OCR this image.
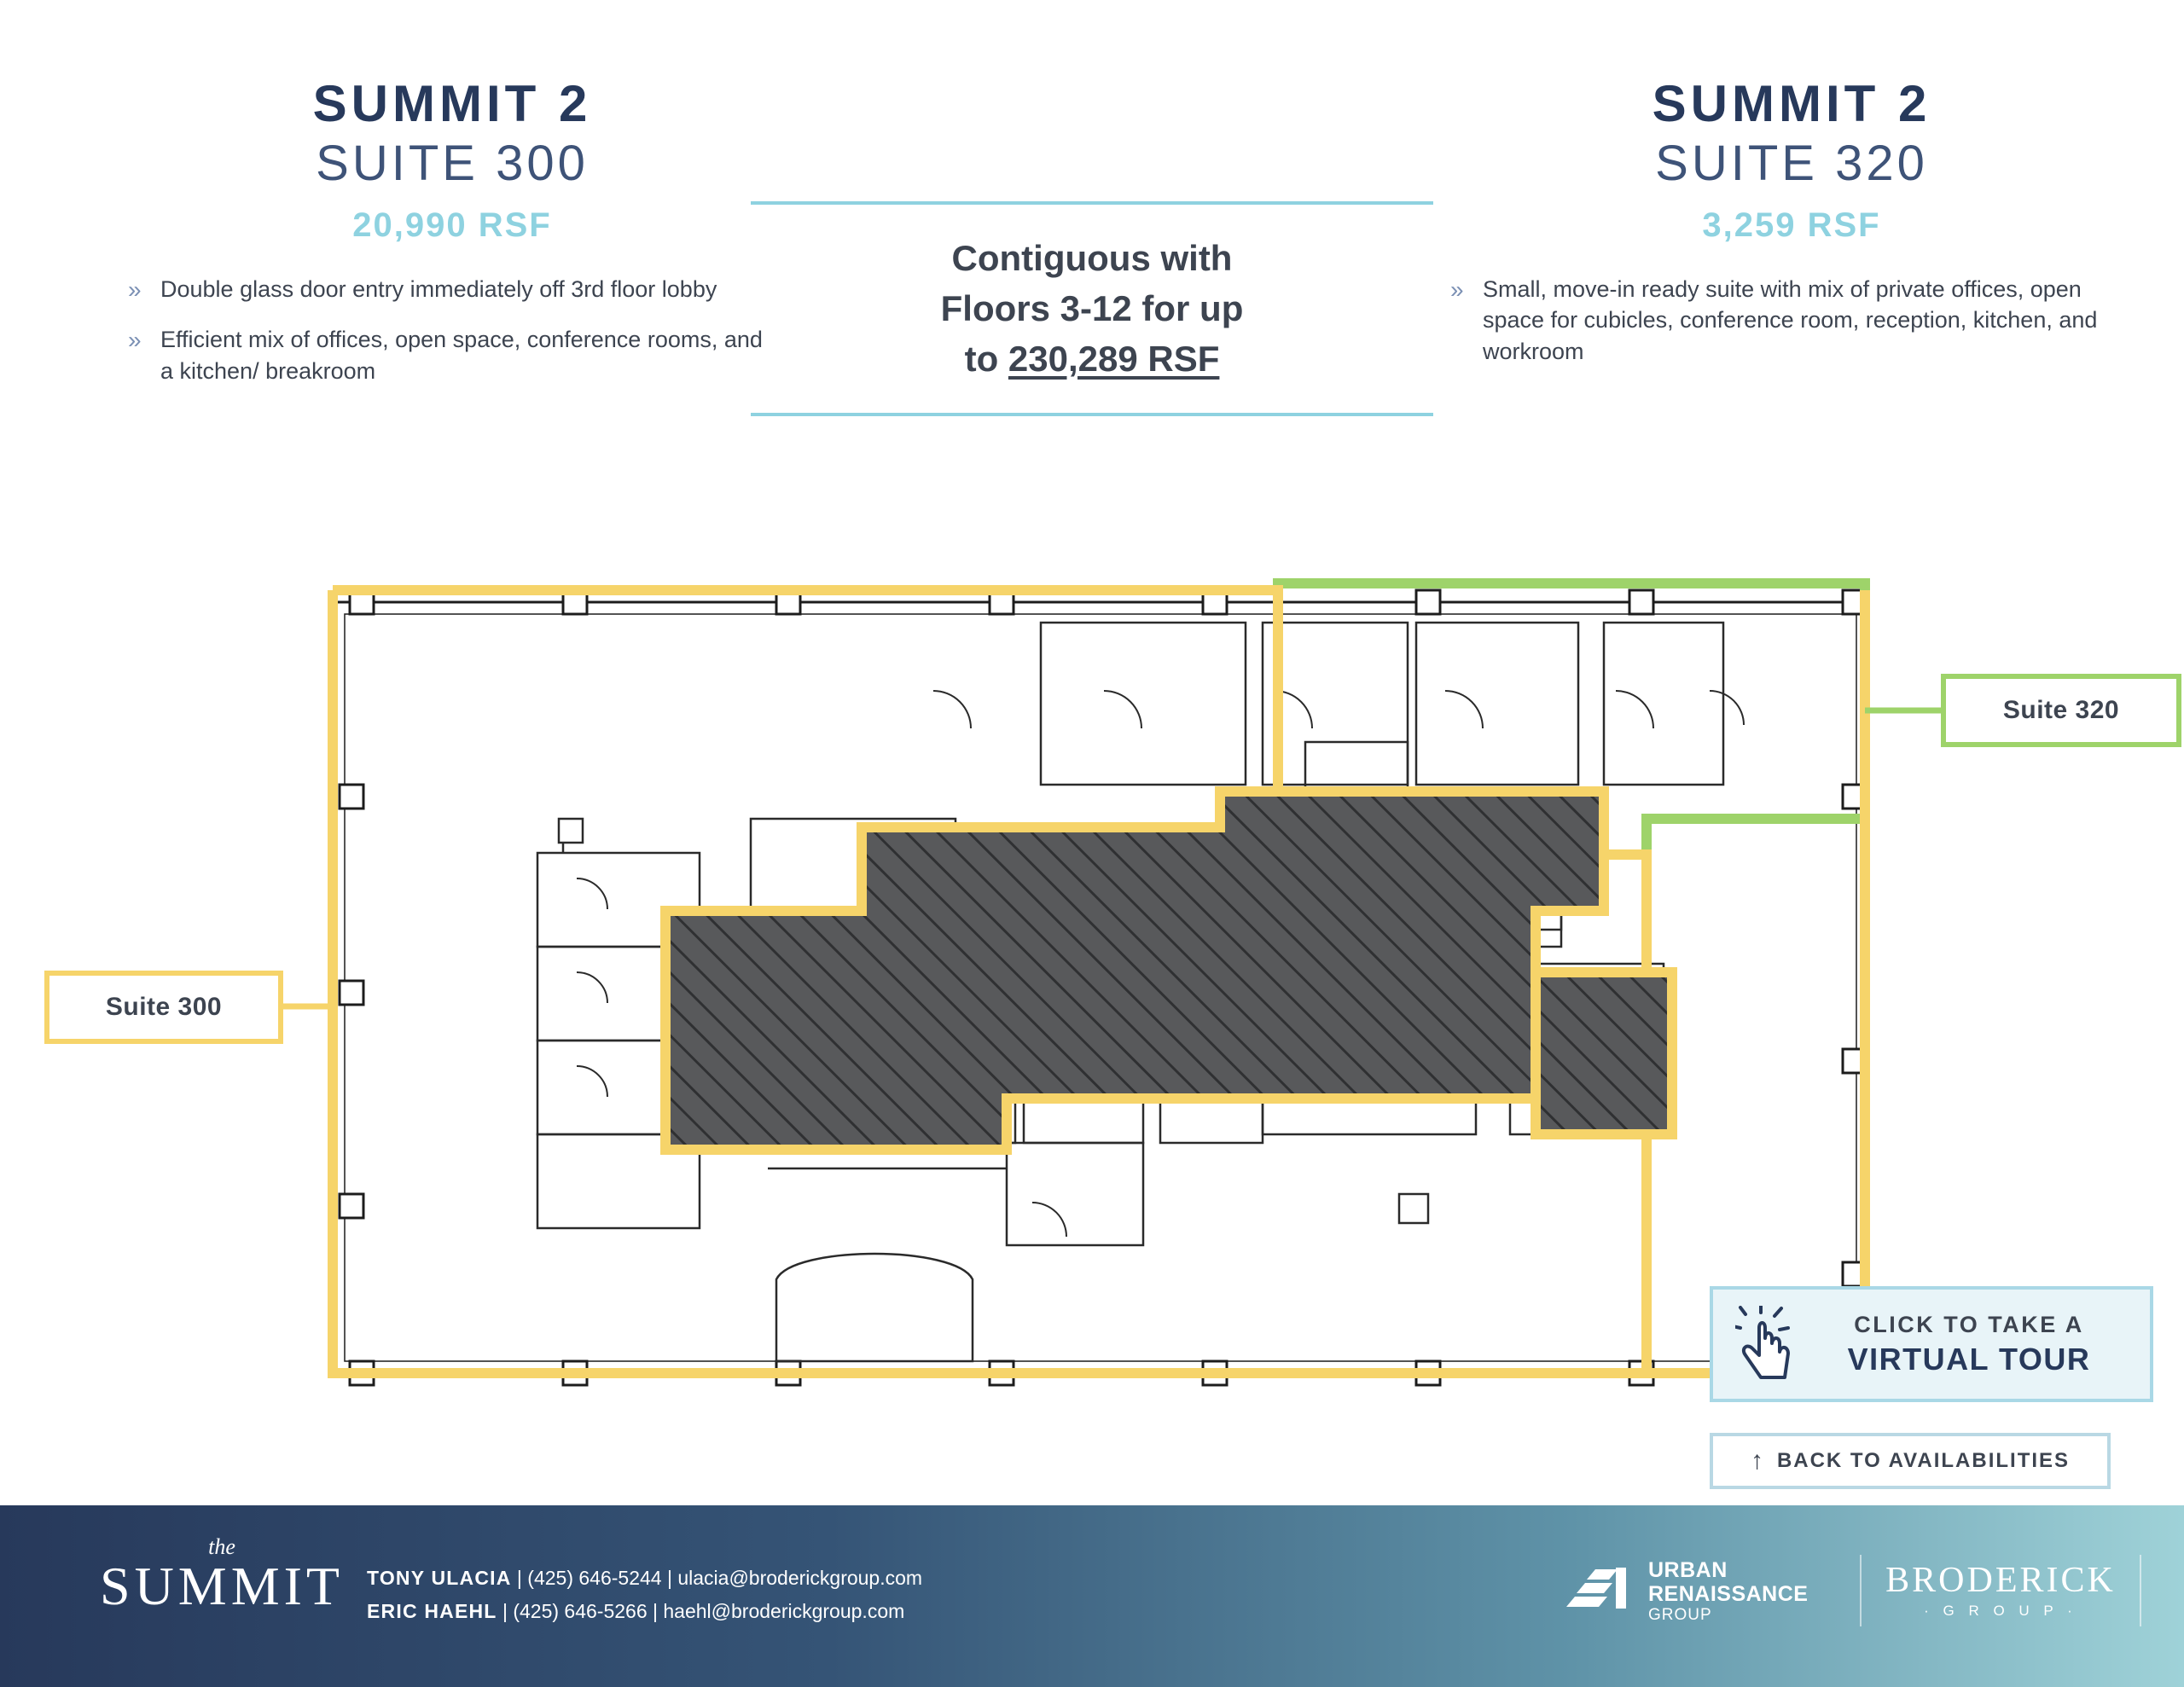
SUMMIT 2
SUITE 300
20,990 RSF
» Double glass door entry immediately off 3rd floor lobby
» Efficient mix of offices, open space, conference rooms, and a kitchen/ breakroom
Contiguous with
Floors 3-12 for up
to 230,289 RSF
SUMMIT 2
SUITE 320
3,259 RSF
» Small, move-in ready suite with mix of private offices, open space for cubicles, conference room, reception, kitchen, and workroom
Suite 300
Suite 320
CLICK TO TAKE A
VIRTUAL TOUR
↑ BACK TO AVAILABILITIES
the
SUMMIT	TONY ULACIA | (425) 646-5244 | ulacia@broderickgroup.com
ERIC HAEHL | (425) 646-5266 | haehl@broderickgroup.com
URBAN
RENAISSANCE
GROUP
BRODERICK
· G R O U P ·
